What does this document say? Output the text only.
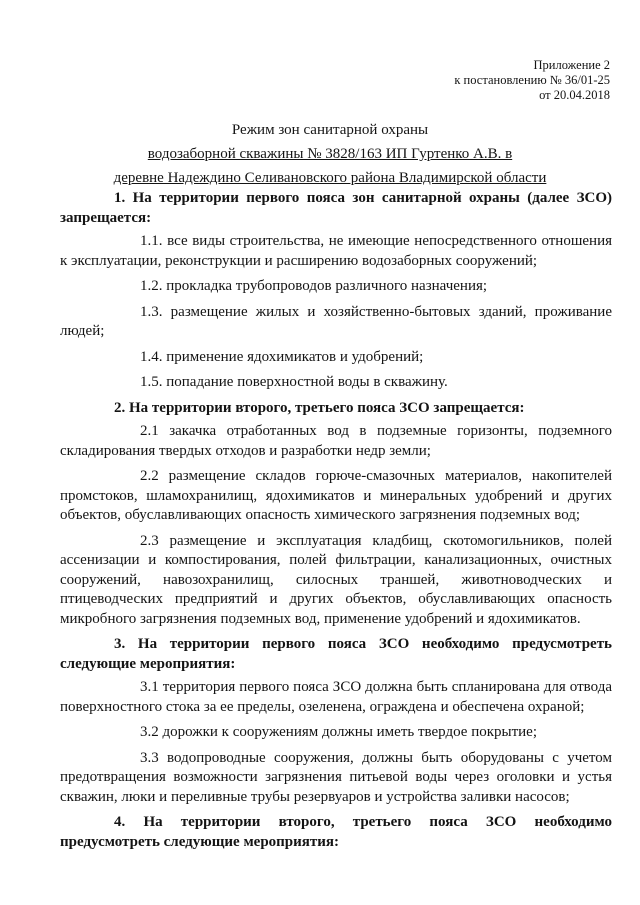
Приложение 2
к постановлению № 36/01-25
от 20.04.2018
Режим зон санитарной охраны
водозаборной скважины № 3828/163 ИП Гуртенко А.В. в
деревне Надеждино Селивановского района Владимирской области

1. На территории первого пояса зон санитарной охраны (далее ЗСО) запрещается:

1.1. все виды строительства, не имеющие непосредственного отношения к эксплуатации, реконструкции и расширению водозаборных сооружений;

1.2. прокладка трубопроводов различного назначения;

1.3. размещение жилых и хозяйственно-бытовых зданий, проживание людей;

1.4. применение ядохимикатов и удобрений;

1.5. попадание поверхностной воды в скважину.

2. На территории второго, третьего пояса ЗСО запрещается:

2.1 закачка отработанных вод в подземные горизонты, подземного складирования твердых отходов и разработки недр земли;

2.2 размещение складов горюче-смазочных материалов, накопителей промстоков, шламохранилищ, ядохимикатов и минеральных удобрений и других объектов, обуславливающих опасность химического загрязнения подземных вод;

2.3 размещение и эксплуатация кладбищ, скотомогильников, полей ассенизации и компостирования, полей фильтрации, канализационных, очистных сооружений, навозохранилищ, силосных траншей, животноводческих и птицеводческих предприятий и других объектов, обуславливающих опасность микробного загрязнения подземных вод, применение удобрений и ядохимикатов.

3. На территории первого пояса ЗСО необходимо предусмотреть следующие мероприятия:

3.1 территория первого пояса ЗСО должна быть спланирована для отвода поверхностного стока за ее пределы, озеленена, ограждена и обеспечена охраной;

3.2 дорожки к сооружениям должны иметь твердое покрытие;

3.3 водопроводные сооружения, должны быть оборудованы с учетом предотвращения возможности загрязнения питьевой воды через оголовки и устья скважин, люки и переливные трубы резервуаров и устройства заливки насосов;

4. На территории второго, третьего пояса ЗСО необходимо предусмотреть следующие мероприятия:
